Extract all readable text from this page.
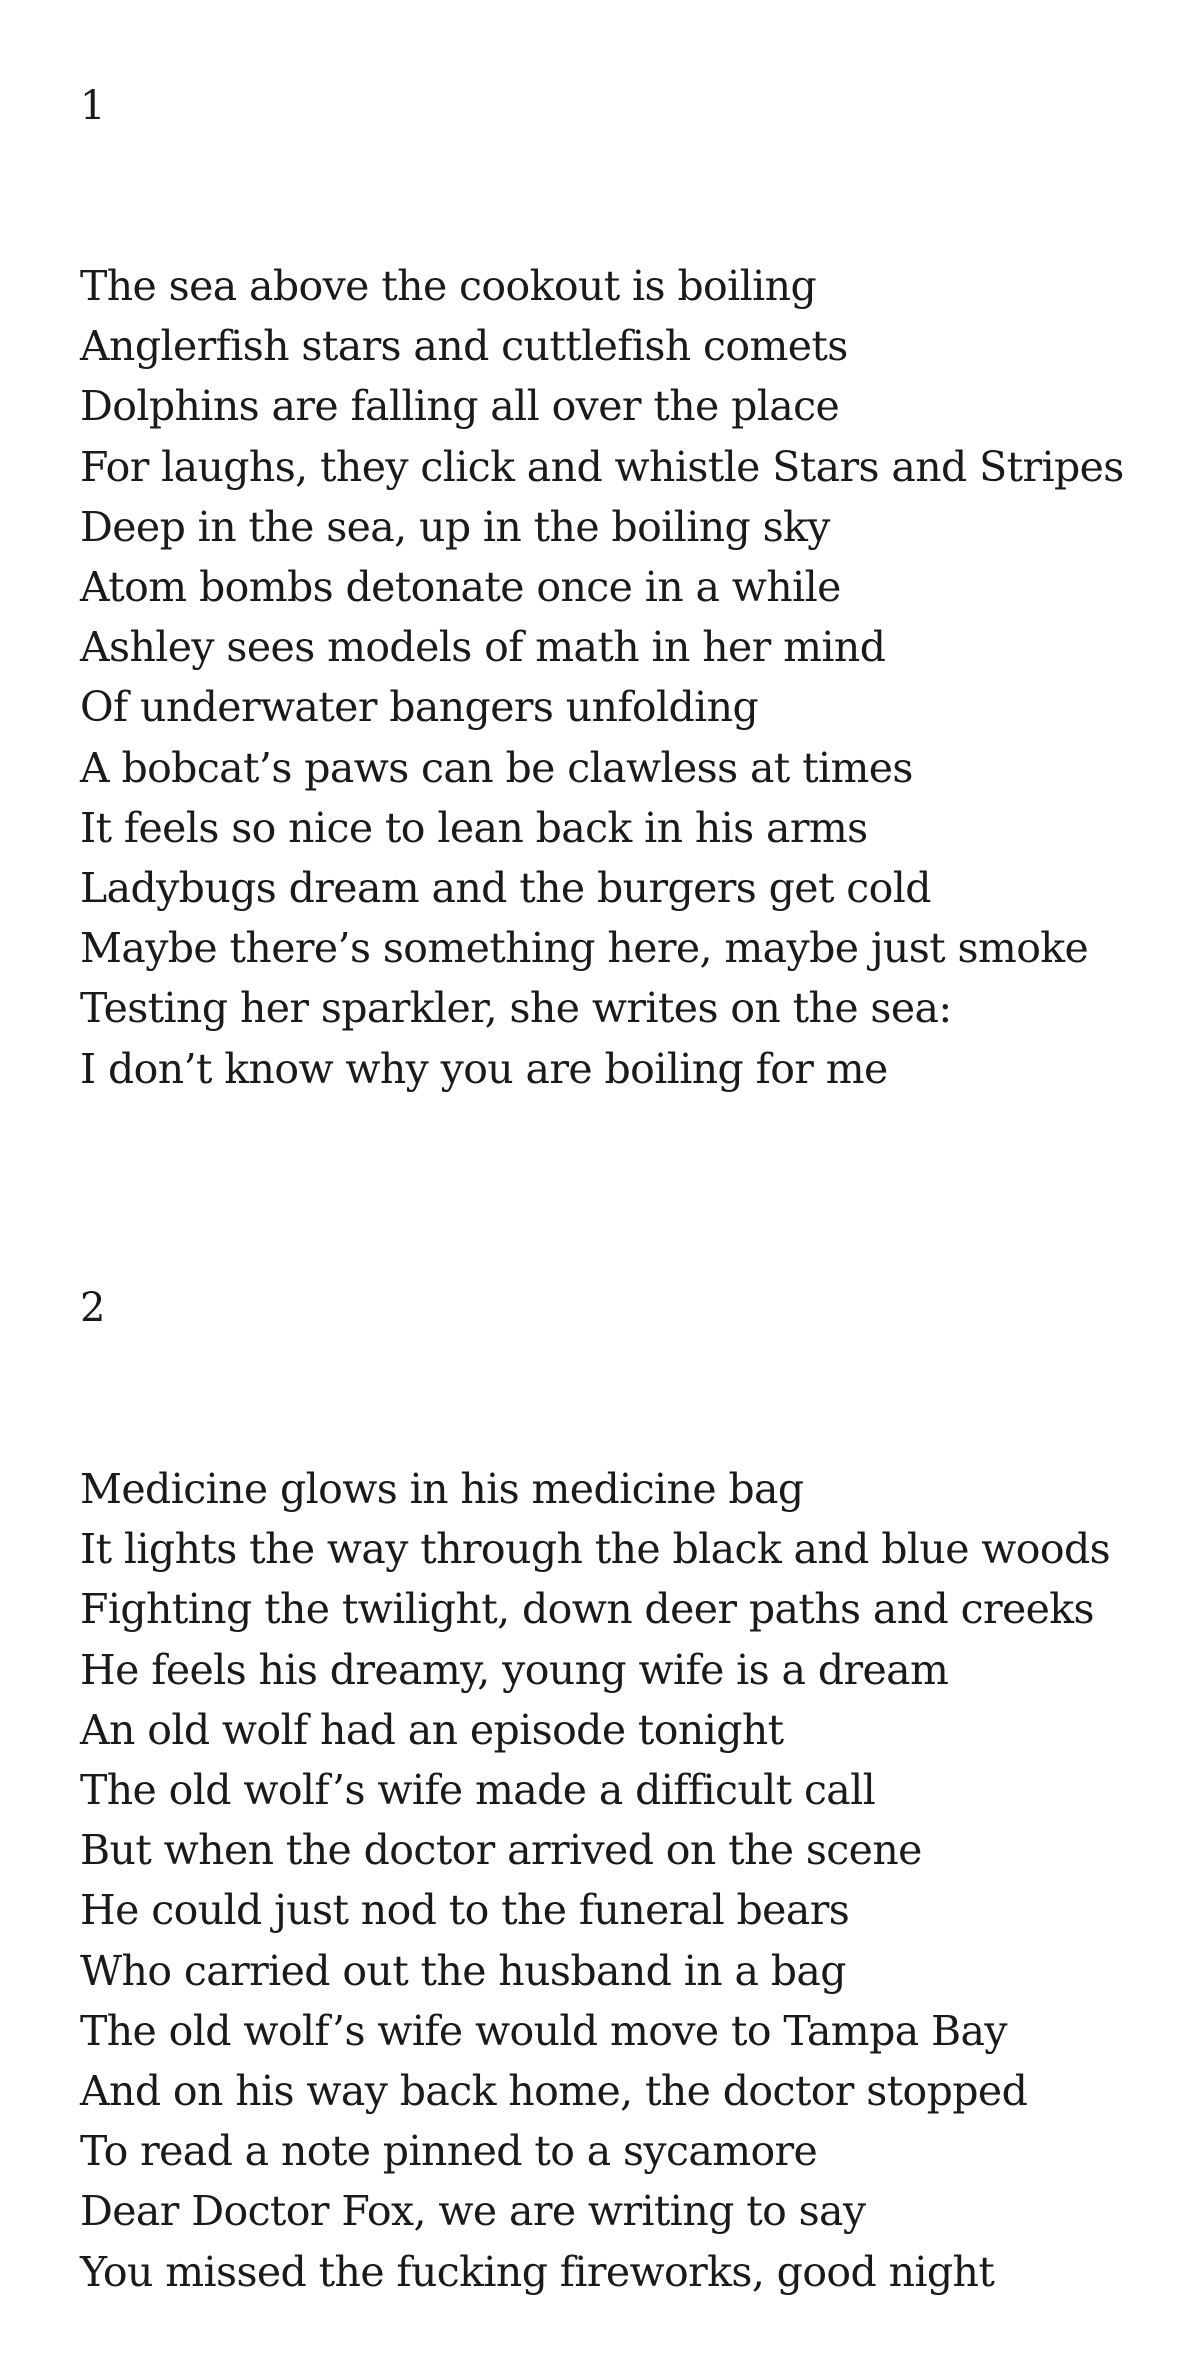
1

The sea above the cookout is boiling
Anglerfish stars and cuttlefish comets
Dolphins are falling all over the place
For laughs, they click and whistle Stars and Stripes
Deep in the sea, up in the boiling sky
Atom bombs detonate once in a while
Ashley sees models of math in her mind
Of underwater bangers unfolding
A bobcat’s paws can be clawless at times
It feels so nice to lean back in his arms
Ladybugs dream and the burgers get cold
Maybe there’s something here, maybe just smoke
Testing her sparkler, she writes on the sea:
I don’t know why you are boiling for me

2

Medicine glows in his medicine bag
It lights the way through the black and blue woods
Fighting the twilight, down deer paths and creeks
He feels his dreamy, young wife is a dream
An old wolf had an episode tonight
The old wolf’s wife made a difficult call
But when the doctor arrived on the scene
He could just nod to the funeral bears
Who carried out the husband in a bag
The old wolf’s wife would move to Tampa Bay
And on his way back home, the doctor stopped
To read a note pinned to a sycamore
Dear Doctor Fox, we are writing to say
You missed the fucking fireworks, good night
